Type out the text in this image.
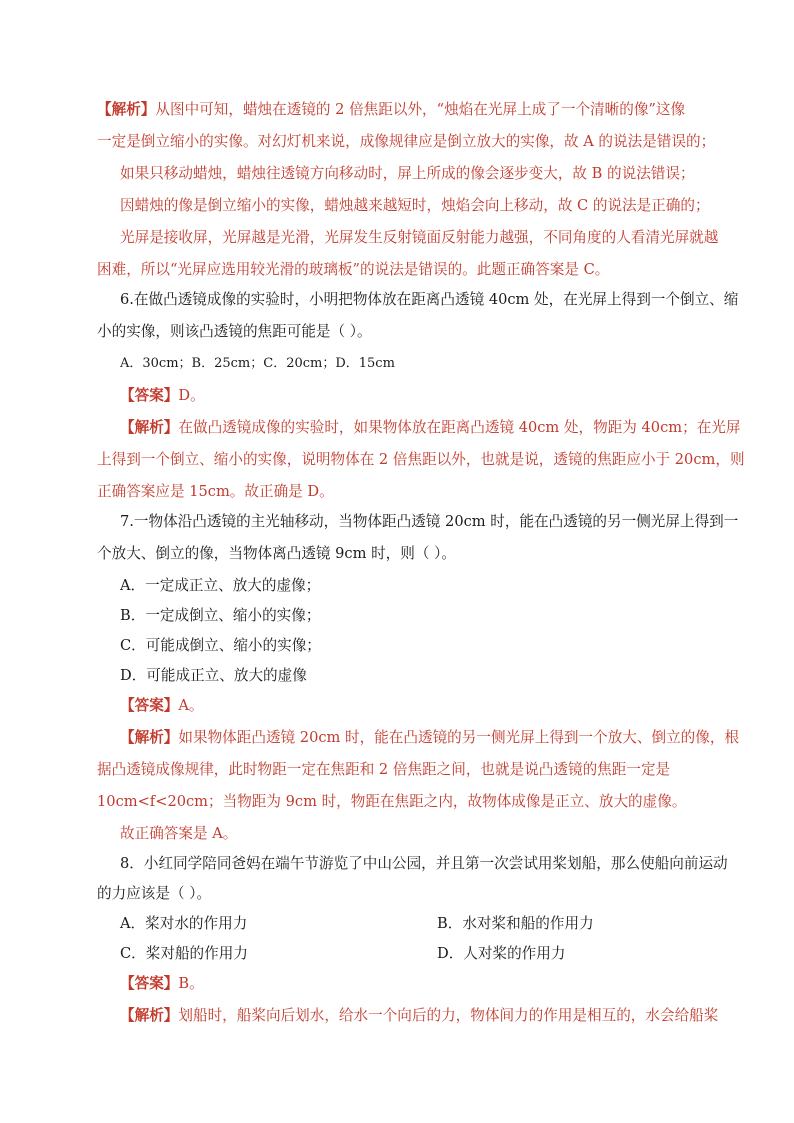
【解析】从图中可知，蜡烛在透镜的 2 倍焦距以外，“烛焰在光屏上成了一个清晰的像”这像
一定是倒立缩小的实像。对幻灯机来说，成像规律应是倒立放大的实像，故 A 的说法是错误的；
如果只移动蜡烛，蜡烛往透镜方向移动时，屏上所成的像会逐步变大，故 B 的说法错误；
因蜡烛的像是倒立缩小的实像，蜡烛越来越短时，烛焰会向上移动，故 C 的说法是正确的；
光屏是接收屏，光屏越是光滑，光屏发生反射镜面反射能力越强，不同角度的人看清光屏就越
困难，所以“光屏应选用较光滑的玻璃板”的说法是错误的。此题正确答案是 C。
6.在做凸透镜成像的实验时，小明把物体放在距离凸透镜 40cm 处，在光屏上得到一个倒立、缩
小的实像，则该凸透镜的焦距可能是（ ）。
A．30cm；B．25cm；C．20cm；D．15cm
【答案】D。
【解析】在做凸透镜成像的实验时，如果物体放在距离凸透镜 40cm 处，物距为 40cm；在光屏
上得到一个倒立、缩小的实像，说明物体在 2 倍焦距以外，也就是说，透镜的焦距应小于 20cm，则
正确答案应是 15cm。故正确是 D。
7.一物体沿凸透镜的主光轴移动，当物体距凸透镜 20cm 时，能在凸透镜的另一侧光屏上得到一
个放大、倒立的像，当物体离凸透镜 9cm 时，则（ ）。
A．一定成正立、放大的虚像；
B．一定成倒立、缩小的实像；
C．可能成倒立、缩小的实像；
D．可能成正立、放大的虚像
【答案】A。
【解析】如果物体距凸透镜 20cm 时，能在凸透镜的另一侧光屏上得到一个放大、倒立的像，根
据凸透镜成像规律，此时物距一定在焦距和 2 倍焦距之间，也就是说凸透镜的焦距一定是
10cm<f<20cm；当物距为 9cm 时，物距在焦距之内，故物体成像是正立、放大的虚像。
故正确答案是 A。
8．小红同学陪同爸妈在端午节游览了中山公园，并且第一次尝试用桨划船，那么使船向前运动
的力应该是（ ）。
A．桨对水的作用力	B．水对桨和船的作用力
C．桨对船的作用力	D．人对桨的作用力
【答案】B。
【解析】划船时，船桨向后划水，给水一个向后的力，物体间力的作用是相互的，水会给船桨
